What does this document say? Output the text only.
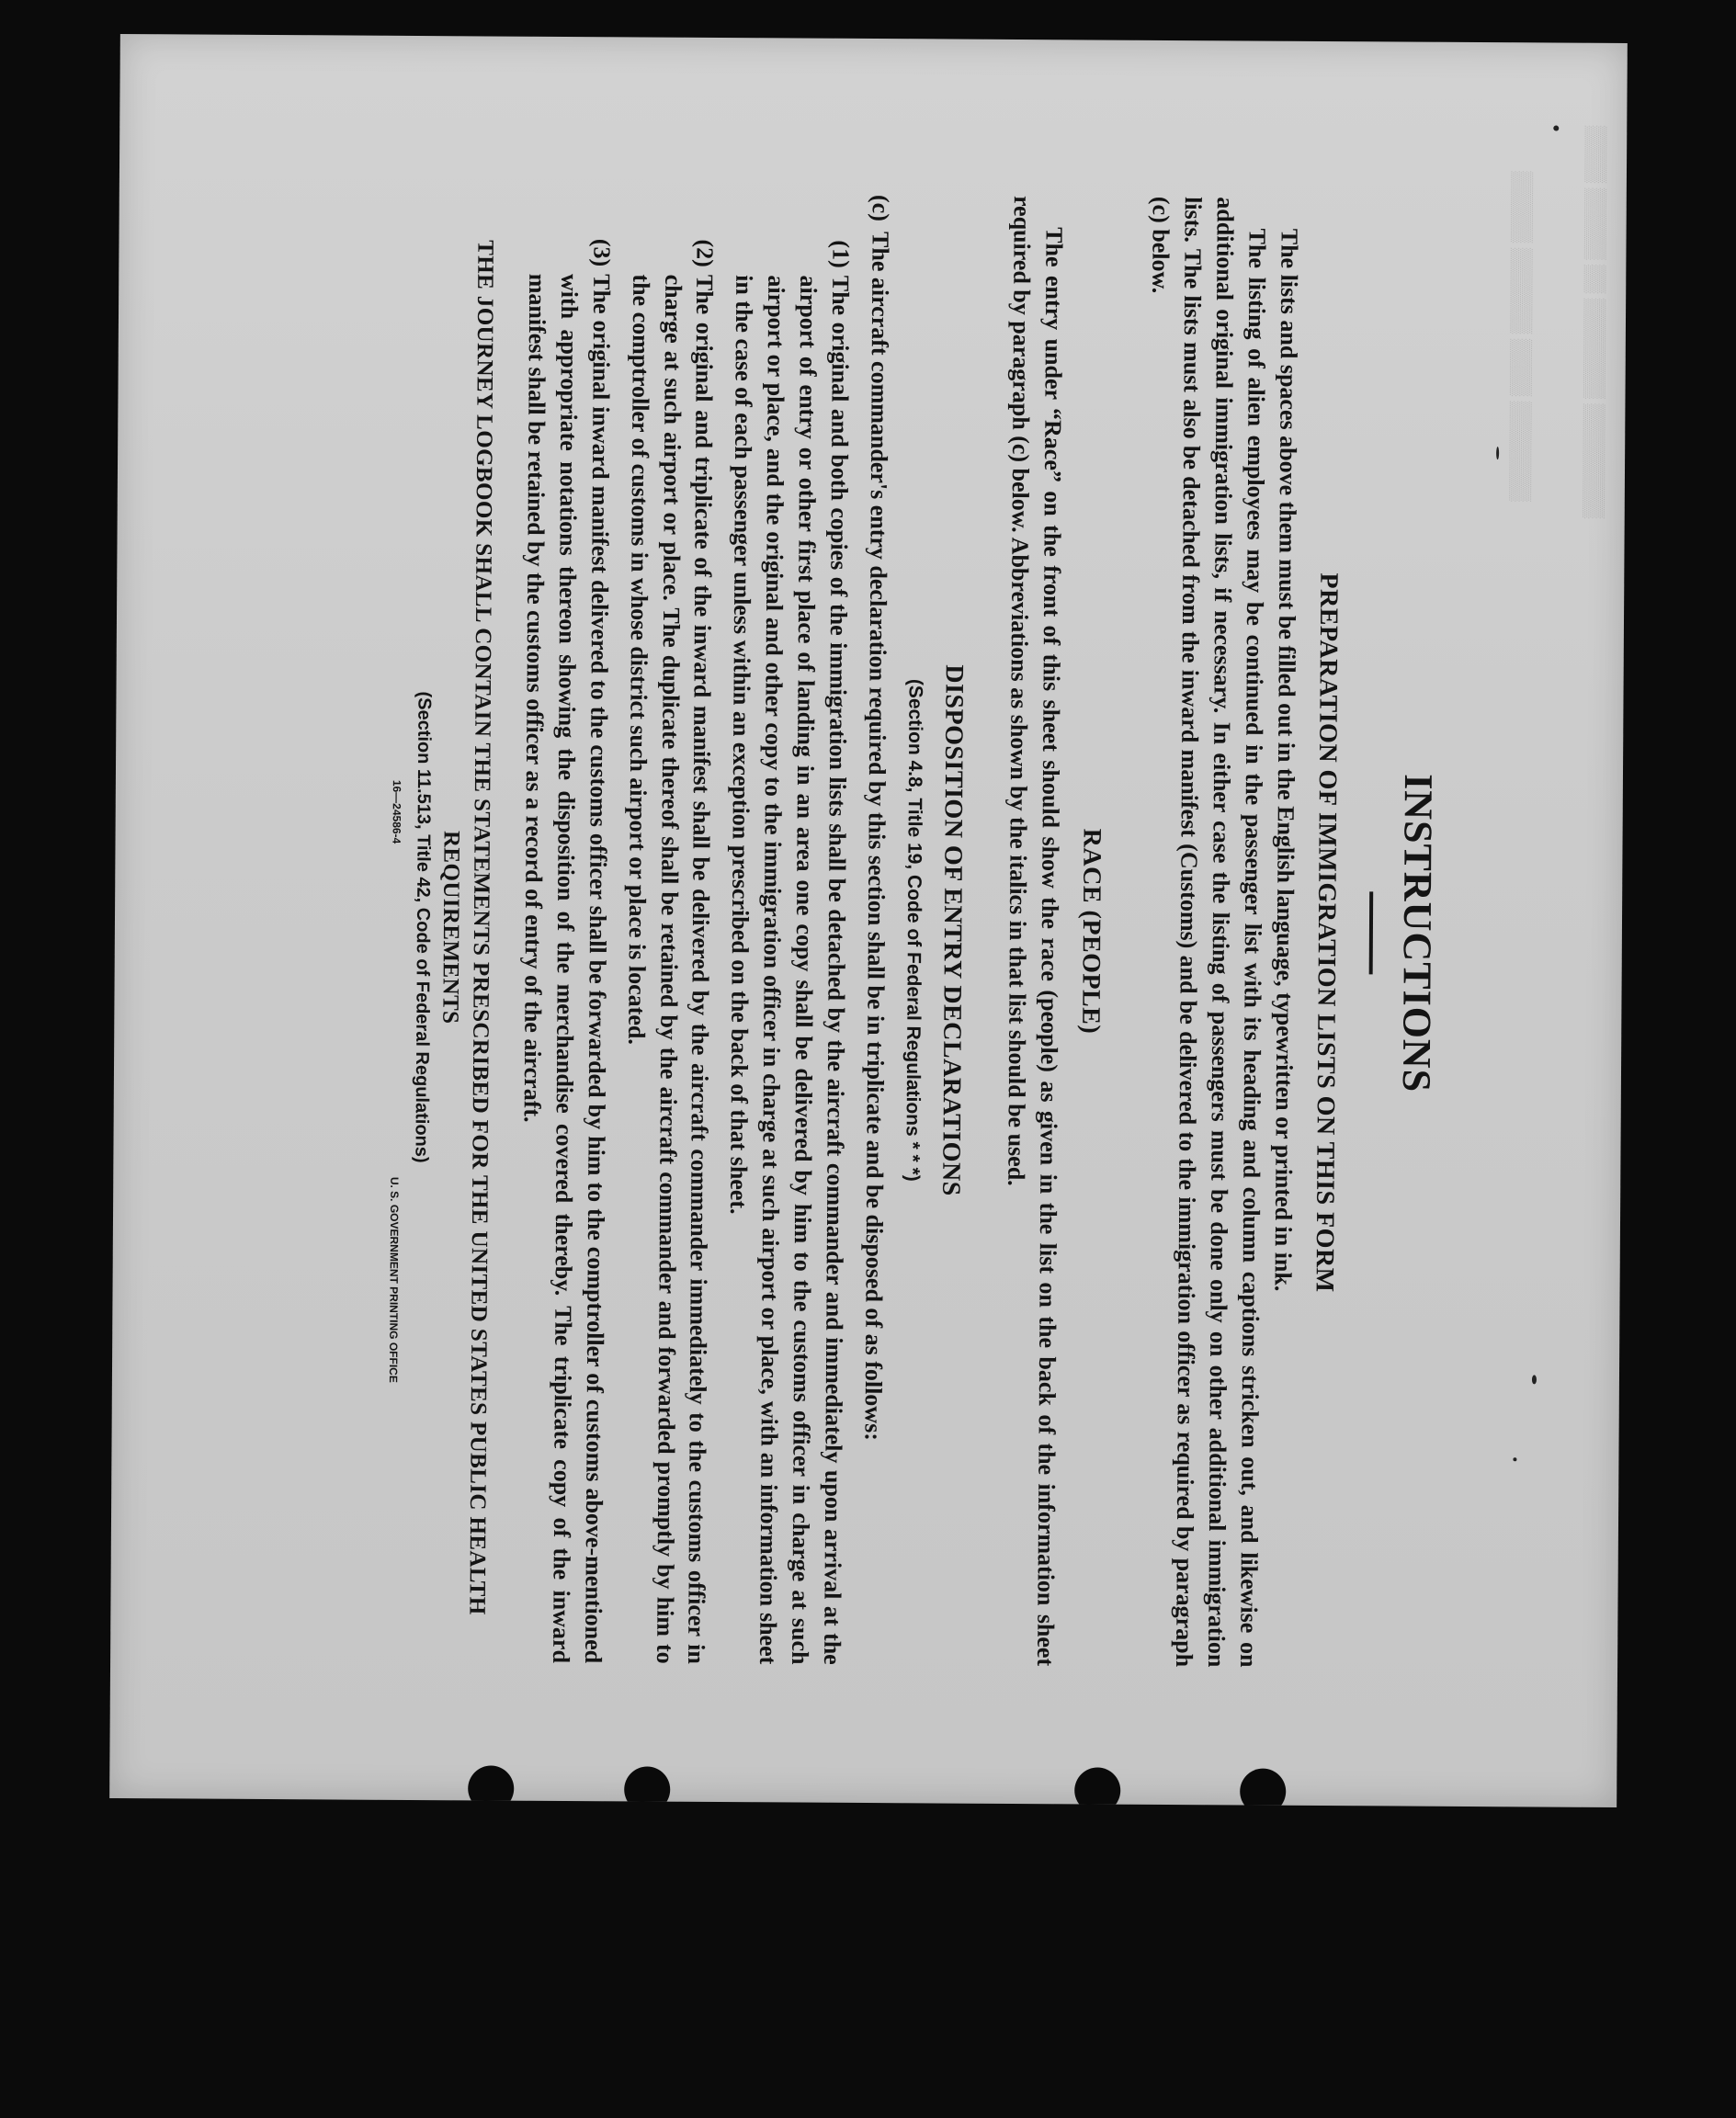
▒▒▒▒ ▒▒▒▒▒ ▒▒ ▒▒▒▒▒▒▒ ▒▒▒▒▒▒▒▒
▒▒▒▒▒ ▒▒▒▒▒▒ ▒▒▒▒ ▒▒▒▒▒▒▒
INSTRUCTIONS
PREPARATION OF IMMIGRATION LISTS ON THIS FORM

The lists and spaces above them must be filled out in the English language, typewritten or printed in ink.

The listing of alien employees may be continued in the passenger list with its heading and column captions stricken out, and likewise on additional original immigration lists, if necessary. In either case the listing of passengers must be done only on other additional immigration lists. The lists must also be detached from the inward manifest (Customs) and be delivered to the immigration officer as required by paragraph (c) below.

RACE (PEOPLE)

The entry under “Race” on the front of this sheet should show the race (people) as given in the list on the back of the information sheet required by paragraph (c) below. Abbreviations as shown by the italics in that list should be used.

DISPOSITION OF ENTRY DECLARATIONS
(Section 4.8, Title 19, Code of Federal Regulations * * *)
(c)
The aircraft commander's entry declaration required by this section shall be in triplicate and be disposed of as follows:
(1)
The original and both copies of the immigration lists shall be detached by the aircraft commander and immediately upon arrival at the airport of entry or other first place of landing in an area one copy shall be delivered by him to the customs officer in charge at such airport or place, and the original and other copy to the immigration officer in charge at such airport or place, with an information sheet in the case of each passenger unless within an exception prescribed on the back of that sheet.
(2)
The original and triplicate of the inward manifest shall be delivered by the aircraft commander immediately to the customs officer in charge at such airport or place. The duplicate thereof shall be retained by the aircraft commander and forwarded promptly by him to the comptroller of customs in whose district such airport or place is located.
(3)
The original inward manifest delivered to the customs officer shall be forwarded by him to the comptroller of customs above-mentioned with appropriate notations thereon showing the disposition of the merchandise covered thereby. The triplicate copy of the inward manifest shall be retained by the customs officer as a record of entry of the aircraft.
THE JOURNEY LOGBOOK SHALL CONTAIN THE STATEMENTS PRESCRIBED FOR THE UNITED STATES PUBLIC HEALTH REQUIREMENTS
(Section 11.513, Title 42, Code of Federal Regulations)
16—24586-4
U. S. GOVERNMENT PRINTING OFFICE
